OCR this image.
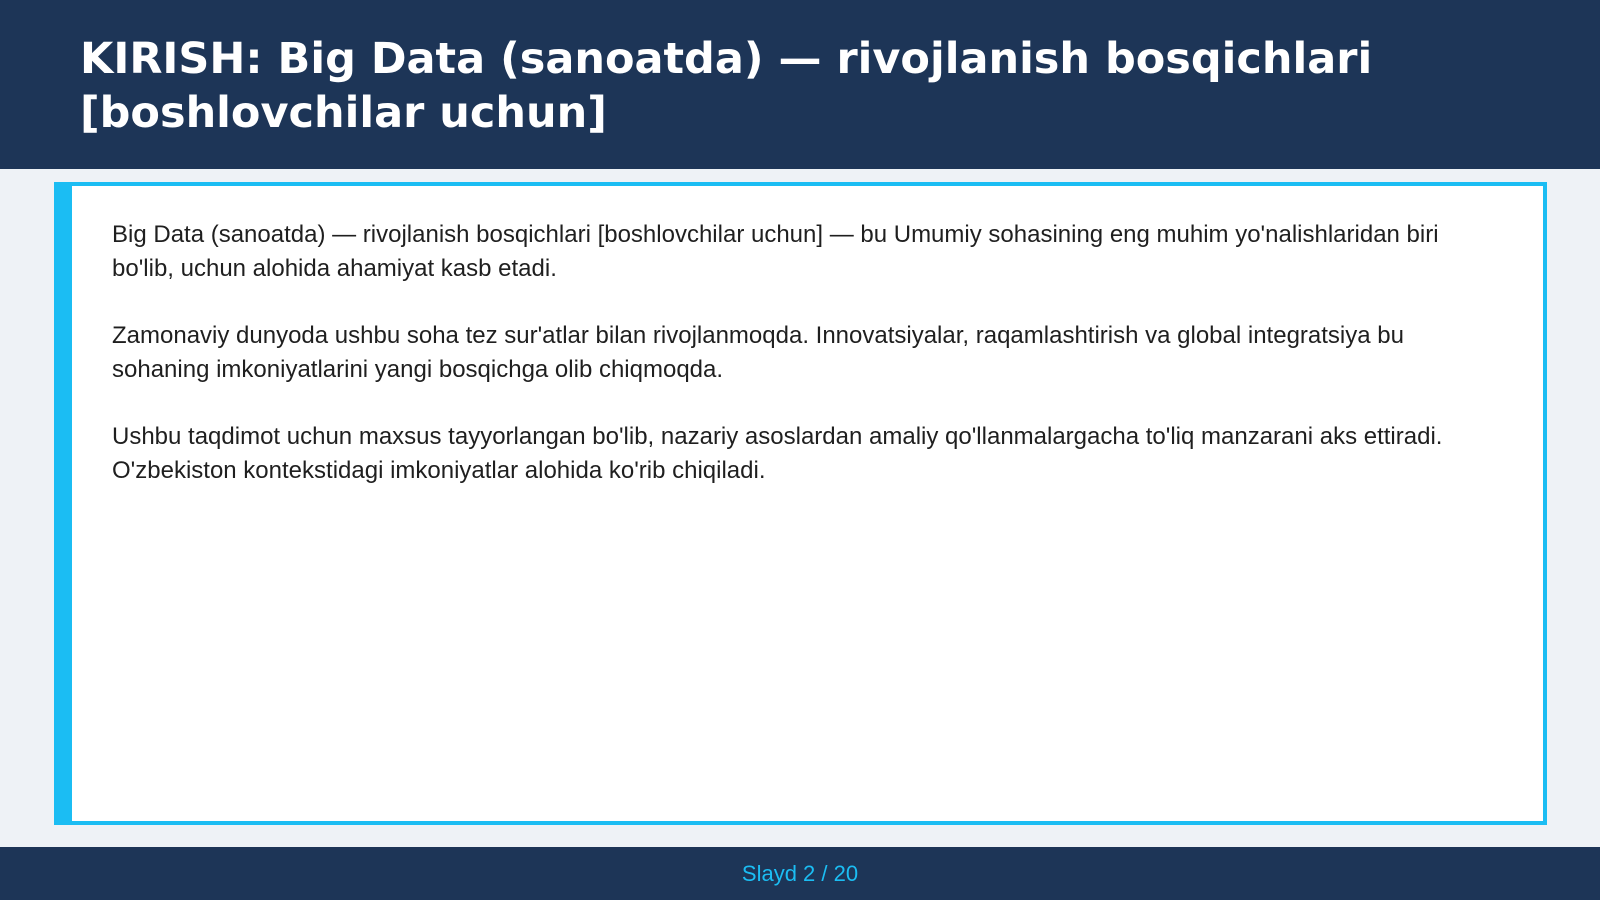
KIRISH: Big Data (sanoatda) — rivojlanish bosqichlari [boshlovchilar uchun]

Big Data (sanoatda) — rivojlanish bosqichlari [boshlovchilar uchun] — bu Umumiy sohasining eng muhim yo'nalishlaridan biri bo'lib, uchun alohida ahamiyat kasb etadi.

Zamonaviy dunyoda ushbu soha tez sur'atlar bilan rivojlanmoqda. Innovatsiyalar, raqamlashtirish va global integratsiya bu sohaning imkoniyatlarini yangi bosqichga olib chiqmoqda.

Ushbu taqdimot uchun maxsus tayyorlangan bo'lib, nazariy asoslardan amaliy qo'llanmalargacha to'liq manzarani aks ettiradi. O'zbekiston kontekstidagi imkoniyatlar alohida ko'rib chiqiladi.

Slayd 2 / 20
